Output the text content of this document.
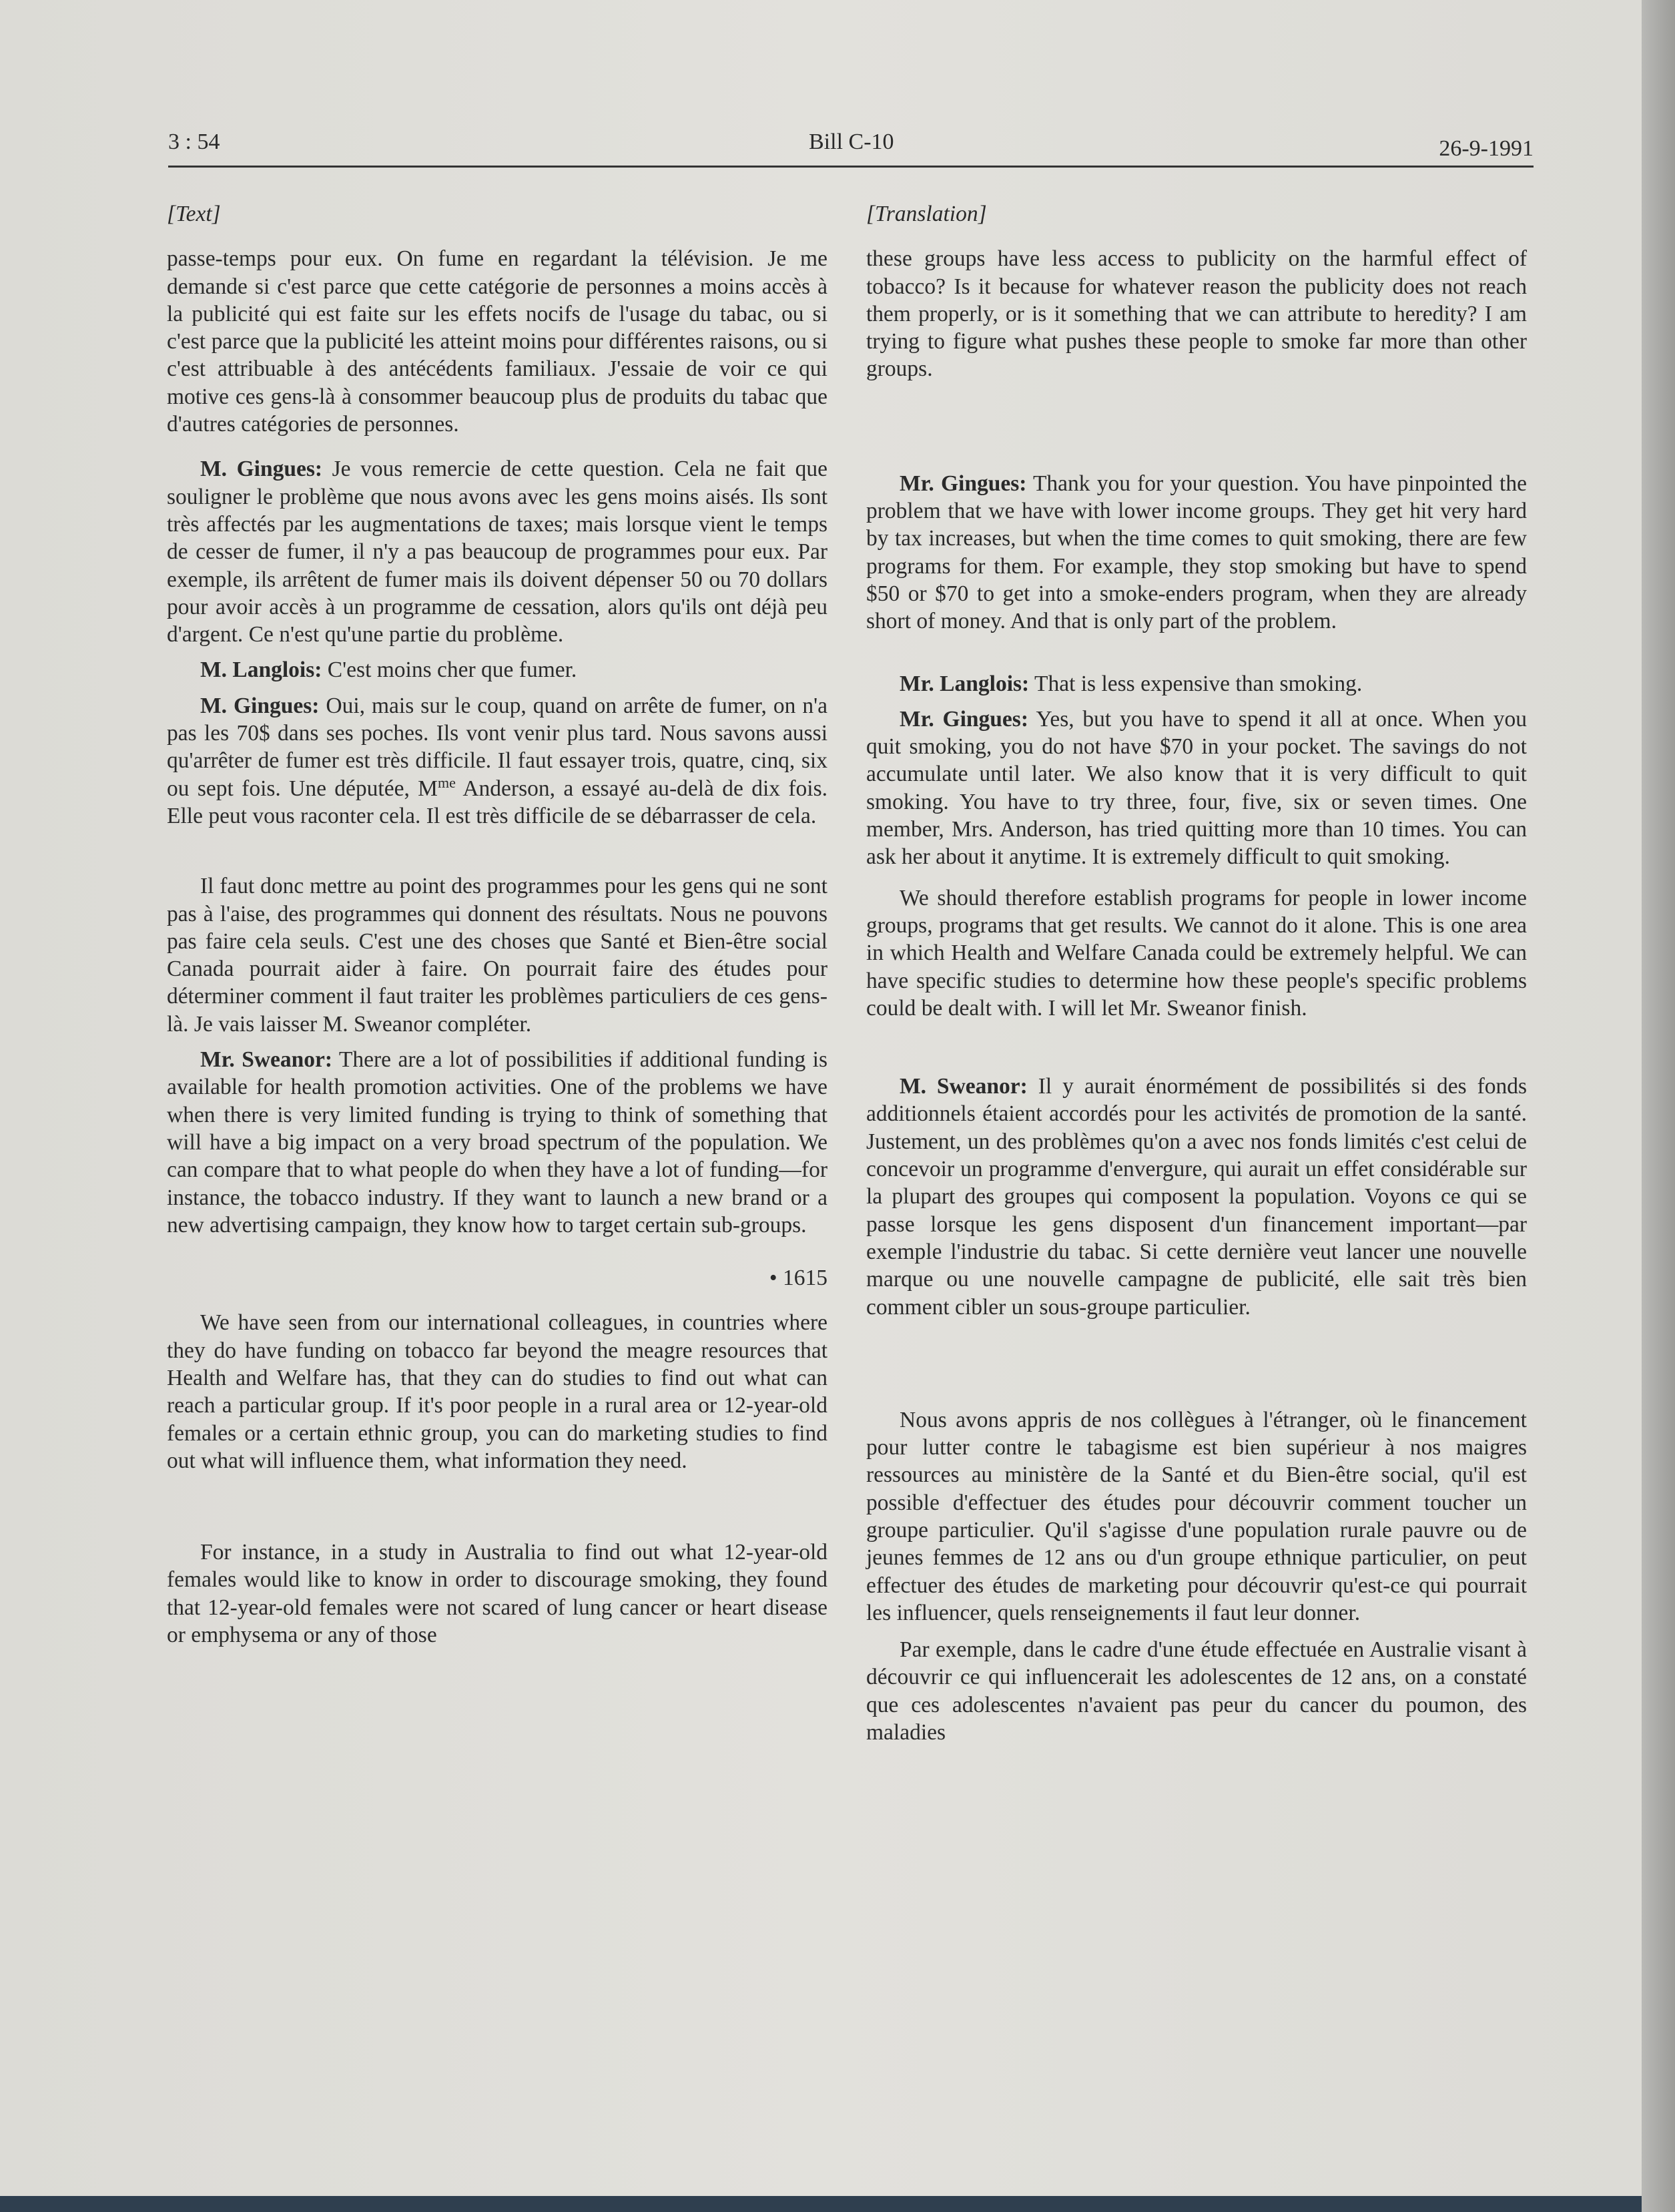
3 : 54	Bill C-10	26-9-1991

[Text]

passe-temps pour eux. On fume en regardant la télévision. Je me demande si c'est parce que cette catégorie de personnes a moins accès à la publicité qui est faite sur les effets nocifs de l'usage du tabac, ou si c'est parce que la publicité les atteint moins pour différentes raisons, ou si c'est attribuable à des antécédents familiaux. J'essaie de voir ce qui motive ces gens-là à consommer beaucoup plus de produits du tabac que d'autres catégories de personnes.

M. Gingues: Je vous remercie de cette question. Cela ne fait que souligner le problème que nous avons avec les gens moins aisés. Ils sont très affectés par les augmentations de taxes; mais lorsque vient le temps de cesser de fumer, il n'y a pas beaucoup de programmes pour eux. Par exemple, ils arrêtent de fumer mais ils doivent dépenser 50 ou 70 dollars pour avoir accès à un programme de cessation, alors qu'ils ont déjà peu d'argent. Ce n'est qu'une partie du problème.

M. Langlois: C'est moins cher que fumer.

M. Gingues: Oui, mais sur le coup, quand on arrête de fumer, on n'a pas les 70$ dans ses poches. Ils vont venir plus tard. Nous savons aussi qu'arrêter de fumer est très difficile. Il faut essayer trois, quatre, cinq, six ou sept fois. Une députée, $M^{me}$ Anderson, a essayé au-delà de dix fois. Elle peut vous raconter cela. Il est très difficile de se débarrasser de cela.

Il faut donc mettre au point des programmes pour les gens qui ne sont pas à l'aise, des programmes qui donnent des résultats. Nous ne pouvons pas faire cela seuls. C'est une des choses que Santé et Bien-être social Canada pourrait aider à faire. On pourrait faire des études pour déterminer comment il faut traiter les problèmes particuliers de ces gens-là. Je vais laisser M. Sweanor compléter.

Mr. Sweanor: There are a lot of possibilities if additional funding is available for health promotion activities. One of the problems we have when there is very limited funding is trying to think of something that will have a big impact on a very broad spectrum of the population. We can compare that to what people do when they have a lot of funding—for instance, the tobacco industry. If they want to launch a new brand or a new advertising campaign, they know how to target certain sub-groups.

• 1615

We have seen from our international colleagues, in countries where they do have funding on tobacco far beyond the meagre resources that Health and Welfare has, that they can do studies to find out what can reach a particular group. If it's poor people in a rural area or 12-year-old females or a certain ethnic group, you can do marketing studies to find out what will influence them, what information they need.

For instance, in a study in Australia to find out what 12-year-old females would like to know in order to discourage smoking, they found that 12-year-old females were not scared of lung cancer or heart disease or emphysema or any of those

[Translation]

these groups have less access to publicity on the harmful effect of tobacco? Is it because for whatever reason the publicity does not reach them properly, or is it something that we can attribute to heredity? I am trying to figure what pushes these people to smoke far more than other groups.

Mr. Gingues: Thank you for your question. You have pinpointed the problem that we have with lower income groups. They get hit very hard by tax increases, but when the time comes to quit smoking, there are few programs for them. For example, they stop smoking but have to spend $50 or $70 to get into a smoke-enders program, when they are already short of money. And that is only part of the problem.

Mr. Langlois: That is less expensive than smoking.

Mr. Gingues: Yes, but you have to spend it all at once. When you quit smoking, you do not have $70 in your pocket. The savings do not accumulate until later. We also know that it is very difficult to quit smoking. You have to try three, four, five, six or seven times. One member, Mrs. Anderson, has tried quitting more than 10 times. You can ask her about it anytime. It is extremely difficult to quit smoking.

We should therefore establish programs for people in lower income groups, programs that get results. We cannot do it alone. This is one area in which Health and Welfare Canada could be extremely helpful. We can have specific studies to determine how these people's specific problems could be dealt with. I will let Mr. Sweanor finish.

M. Sweanor: Il y aurait énormément de possibilités si des fonds additionnels étaient accordés pour les activités de promotion de la santé. Justement, un des problèmes qu'on a avec nos fonds limités c'est celui de concevoir un programme d'envergure, qui aurait un effet considérable sur la plupart des groupes qui composent la population. Voyons ce qui se passe lorsque les gens disposent d'un financement important—par exemple l'industrie du tabac. Si cette dernière veut lancer une nouvelle marque ou une nouvelle campagne de publicité, elle sait très bien comment cibler un sous-groupe particulier.

Nous avons appris de nos collègues à l'étranger, où le financement pour lutter contre le tabagisme est bien supérieur à nos maigres ressources au ministère de la Santé et du Bien-être social, qu'il est possible d'effectuer des études pour découvrir comment toucher un groupe particulier. Qu'il s'agisse d'une population rurale pauvre ou de jeunes femmes de 12 ans ou d'un groupe ethnique particulier, on peut effectuer des études de marketing pour découvrir qu'est-ce qui pourrait les influencer, quels renseignements il faut leur donner.

Par exemple, dans le cadre d'une étude effectuée en Australie visant à découvrir ce qui influencerait les adolescentes de 12 ans, on a constaté que ces adolescentes n'avaient pas peur du cancer du poumon, des maladies
